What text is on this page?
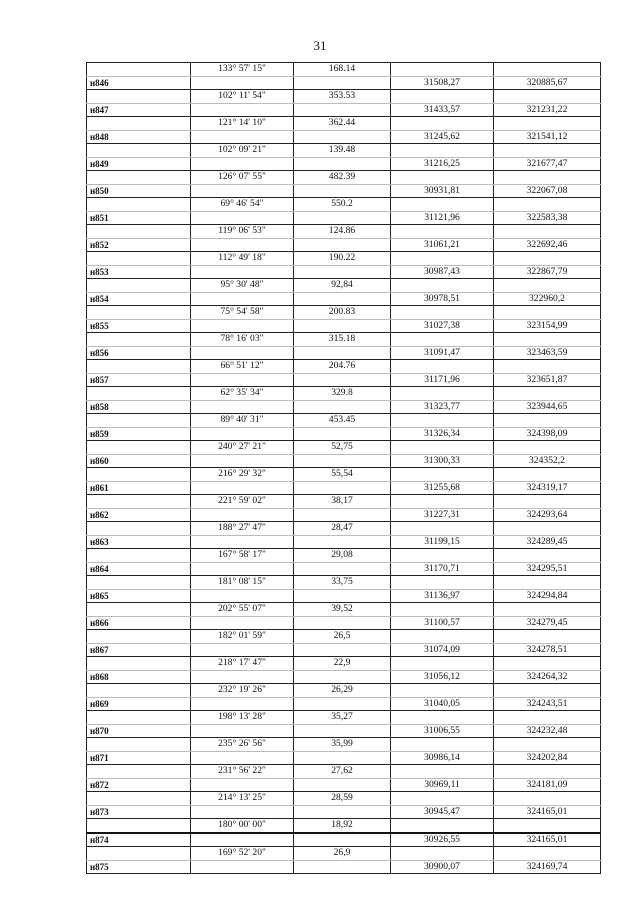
31
	133° 57' 15"	168.14		
н846			31508,27	320885,67
	102° 11' 54"	353.53		
н847			31433,57	321231,22
	121° 14' 10"	362.44		
н848			31245,62	321541,12
	102° 09' 21"	139.48		
н849			31216,25	321677,47
	126° 07' 55"	482.39		
н850			30931,81	322067,08
	69° 46' 54"	550.2		
н851			31121,96	322583,38
	119° 06' 53"	124.86		
н852			31061,21	322692,46
	112° 49' 18"	190.22		
н853			30987,43	322867,79
	95° 30' 48"	92,84		
н854			30978,51	322960,2
	75° 54' 58"	200.83		
н855			31027,38	323154,99
	78° 16' 03"	315.18		
н856			31091,47	323463,59
	66° 51' 12"	204.76		
н857			31171,96	323651,87
	62° 35' 34"	329.8		
н858			31323,77	323944,65
	89° 40' 31"	453.45		
н859			31326,34	324398,09
	240° 27' 21"	52,75		
н860			31300,33	324352,2
	216° 29' 32"	55,54		
н861			31255,68	324319,17
	221° 59' 02"	38,17		
н862			31227,31	324293,64
	188° 27' 47"	28,47		
н863			31199,15	324289,45
	167° 58' 17"	29,08		
н864			31170,71	324295,51
	181° 08' 15"	33,75		
н865			31136,97	324294,84
	202° 55' 07"	39,52		
н866			31100,57	324279,45
	182° 01' 59"	26,5		
н867			31074,09	324278,51
	218° 17' 47"	22,9		
н868			31056,12	324264,32
	232° 19' 26"	26,29		
н869			31040,05	324243,51
	198° 13' 28"	35,27		
н870			31006,55	324232,48
	235° 26' 56"	35,99		
н871			30986,14	324202,84
	231° 56' 22"	27,62		
н872			30969,11	324181,09
	214° 13' 25"	28,59		
н873			30945,47	324165,01
	180° 00' 00"	18,92		
н874			30926,55	324165,01
	169° 52' 20"	26,9		
н875			30900,07	324169,74
